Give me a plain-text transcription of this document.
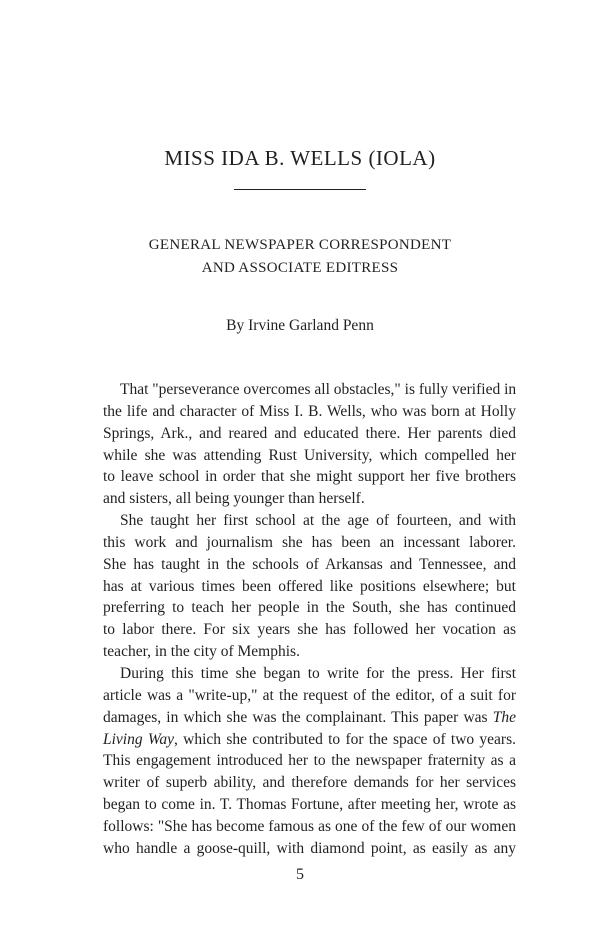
MISS IDA B. WELLS (IOLA)
GENERAL NEWSPAPER CORRESPONDENT
AND ASSOCIATE EDITRESS
By Irvine Garland Penn
That "perseverance overcomes all obstacles," is fully verified in
the life and character of Miss I. B. Wells, who was born at Holly
Springs, Ark., and reared and educated there. Her parents died
while she was attending Rust University, which compelled her
to leave school in order that she might support her five brothers
and sisters, all being younger than herself.
She taught her first school at the age of fourteen, and with
this work and journalism she has been an incessant laborer.
She has taught in the schools of Arkansas and Tennessee, and
has at various times been offered like positions elsewhere; but
preferring to teach her people in the South, she has continued
to labor there. For six years she has followed her vocation as
teacher, in the city of Memphis.
During this time she began to write for the press. Her first
article was a "write-up," at the request of the editor, of a suit for
damages, in which she was the complainant. This paper was The
Living Way, which she contributed to for the space of two years.
This engagement introduced her to the newspaper fraternity as a
writer of superb ability, and therefore demands for her services
began to come in. T. Thomas Fortune, after meeting her, wrote as
follows: "She has become famous as one of the few of our women
who handle a goose-quill, with diamond point, as easily as any
5
